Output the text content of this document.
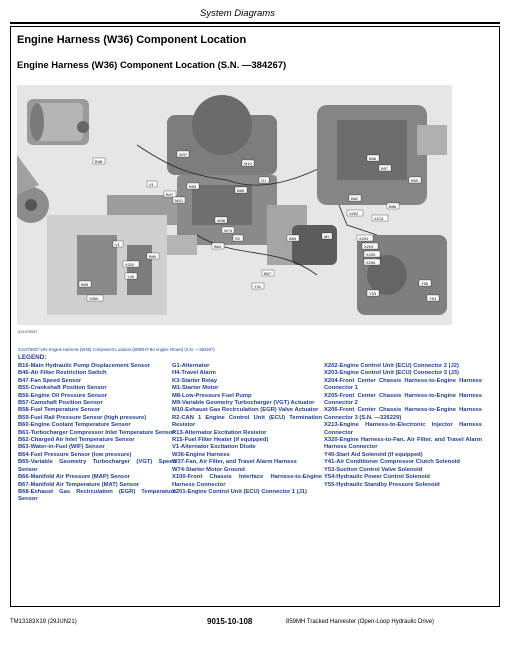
System Diagrams
Engine Harness (W36) Component Location
Engine Harness (W36) Component Location (S.N. —384267)
B48
V1
B85
B55
B47
M10
G1
B56
B57
B62
B58
X202
X201
X203
B59
X205
X206
X320
V1
Y40
B69
B55
R2	B65
Y55
M9
Y54
B67
Y53
X300
W37
M10
W36
W74
B64
Y41
X213
XJ1375937
XJ1375937-UN: Engine Harness (W36) Component Location (6090HT-B4 engine shown) (S.N. —384267)
LEGEND:
B16-Main Hydraulic Pump Displacement Sensor
B46-Air Filter Restriction Switch
B47-Fan Speed Sensor
B55-Crankshaft Position Sensor
B56-Engine Oil Pressure Sensor
B57-Camshaft Position Sensor
B58-Fuel Temperature Sensor
B59-Fuel Rail Pressure Sensor (high pressure)
B60-Engine Coolant Temperature Sensor
B61-Turbocharger Compressor Inlet Temperature Sensor
B62-Charged Air Inlet Temperature Sensor
B63-Water-in-Fuel (WIF) Sensor
B64-Fuel Pressure Sensor (low pressure)
B65-Variable Geometry Turbocharger (VGT) Speed Sensor
B66-Manifold Air Pressure (MAP) Sensor
B67-Manifold Air Temperature (MAT) Sensor
B68-Exhaust Gas Recirculation (EGR) Temperature Sensor
G1-Alternator
H4-Travel Alarm
K3-Starter Relay
M1-Starter Motor
M8-Low-Pressure Fuel Pump
M9-Variable Geometry Turbocharger (VGT) Actuator
M10-Exhaust Gas Recirculation (EGR) Valve Actuator
R2-CAN 1 Engine Control Unit (ECU) Termination Resistor
R13-Alternator Excitation Resistor
R15-Fuel Filter Heater (if equipped)
V1-Alternator Excitation Diode
W36-Engine Harness
W37-Fan, Air Filter, and Travel Alarm Harness
W74-Starter Motor Ground
X100-Front Chassis Interface Harness-to-Engine Harness Connector
X201-Engine Control Unit (ECU) Connector 1 (J1)
X202-Engine Control Unit (ECU) Connector 2 (J2)
X203-Engine Control Unit (ECU) Connector 3 (J3)
X204-Front Center Chassis Harness-to-Engine Harness Connector 1
X205-Front Center Chassis Harness-to-Engine Harness Connector 2
X206-Front Center Chassis Harness-to-Engine Harness Connector 3 (S.N. —326229)
X213-Engine Harness-to-Electronic Injector Harness Connector
X320-Engine Harness-to-Fan, Air Filter, and Travel Alarm Harness Connector
Y40-Start Aid Solenoid (if equipped)
Y41-Air Conditioner Compressor Clutch Solenoid
Y53-Suction Control Valve Solenoid
Y54-Hydraulic Power Control Solenoid
Y55-Hydraulic Standby Pressure Solenoid
TM13183X19 (29JUN21)	9015-10-108	859MH Tracked Harvester (Open-Loop Hydraulic Drive)
